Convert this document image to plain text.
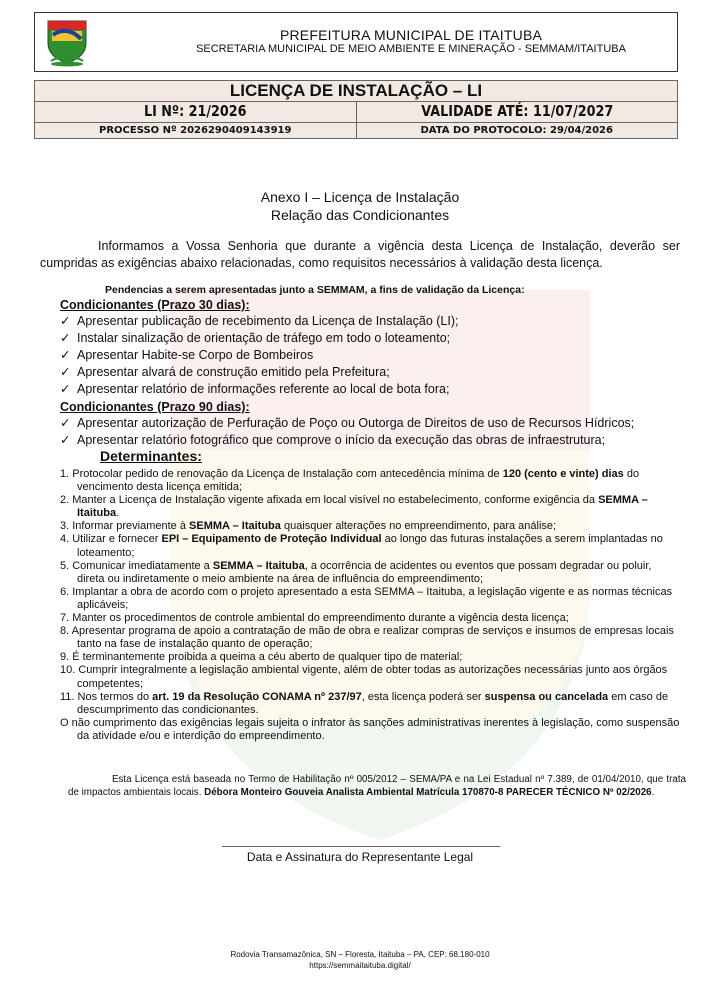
PREFEITURA MUNICIPAL DE ITAITUBA
SECRETARIA MUNICIPAL DE MEIO AMBIENTE E MINERAÇÃO - SEMMAM/ITAITUBA
LICENÇA DE INSTALAÇÃO – LI	

LI Nº: 21/2026	VALIDADE ATÉ: 11/07/2027

PROCESSO Nº 2026290409143919	DATA DO PROTOCOLO: 29/04/2026
Anexo I – Licença de Instalação
Relação das Condicionantes
Informamos a Vossa Senhoria que durante a vigência desta Licença de Instalação, deverão ser cumpridas as exigências abaixo relacionadas, como requisitos necessários à validação desta licença.
Pendencias a serem apresentadas junto a SEMMAM, a fins de validação da Licença:
Condicionantes (Prazo 30 dias):
✓ Apresentar publicação de recebimento da Licença de Instalação (LI);
✓ Instalar sinalização de orientação de tráfego em todo o loteamento;
✓ Apresentar Habite-se Corpo de Bombeiros
✓ Apresentar alvará de construção emitido pela Prefeitura;
✓ Apresentar relatório de informações referente ao local de bota fora;
Condicionantes (Prazo 90 dias):
✓ Apresentar autorização de Perfuração de Poço ou Outorga de Direitos de uso de Recursos Hídricos;
✓ Apresentar relatório fotográfico que comprove o início da execução das obras de infraestrutura;
Determinantes:

1. Protocolar pedido de renovação da Licença de Instalação com antecedência mínima de 120 (cento e vinte) dias do vencimento desta licença emitida;

2. Manter a Licença de Instalação vigente afixada em local visível no estabelecimento, conforme exigência da SEMMA – Itaituba.

3. Informar previamente à SEMMA – Itaituba quaisquer alterações no empreendimento, para análise;

4. Utilizar e fornecer EPI – Equipamento de Proteção Individual ao longo das futuras instalações a serem implantadas no loteamento;

5. Comunicar imediatamente a SEMMA – Itaituba, a ocorrência de acidentes ou eventos que possam degradar ou poluir, direta ou indiretamente o meio ambiente na área de influência do empreendimento;

6. Implantar a obra de acordo com o projeto apresentado a esta SEMMA – Itaituba, a legislação vigente e as normas técnicas aplicáveis;

7. Manter os procedimentos de controle ambiental do empreendimento durante a vigência desta licença;

8. Apresentar programa de apoio a contratação de mão de obra e realizar compras de serviços e insumos de empresas locais tanto na fase de instalação quanto de operação;

9. É terminantemente proibida a queima a céu aberto de qualquer tipo de material;

10. Cumprir integralmente a legislação ambiental vigente, além de obter todas as autorizações necessárias junto aos órgãos competentes;

11. Nos termos do art. 19 da Resolução CONAMA nº 237/97, esta licença poderá ser suspensa ou cancelada em caso de descumprimento das condicionantes.

O não cumprimento das exigências legais sujeita o infrator às sanções administrativas inerentes à legislação, como suspensão da atividade e/ou e interdição do empreendimento.

Esta Licença está baseada no Termo de Habilitação nº 005/2012 – SEMA/PA e na Lei Estadual nº 7.389, de 01/04/2010, que trata de impactos ambientais locais. Débora Monteiro Gouveia Analista Ambiental Matrícula 170870-8 PARECER TÉCNICO Nº 02/2026.
Data e Assinatura do Representante Legal
Rodovia Transamazônica, SN – Floresta, Itaituba – PA, CEP: 68.180-010
https://semmaitaituba.digital/
